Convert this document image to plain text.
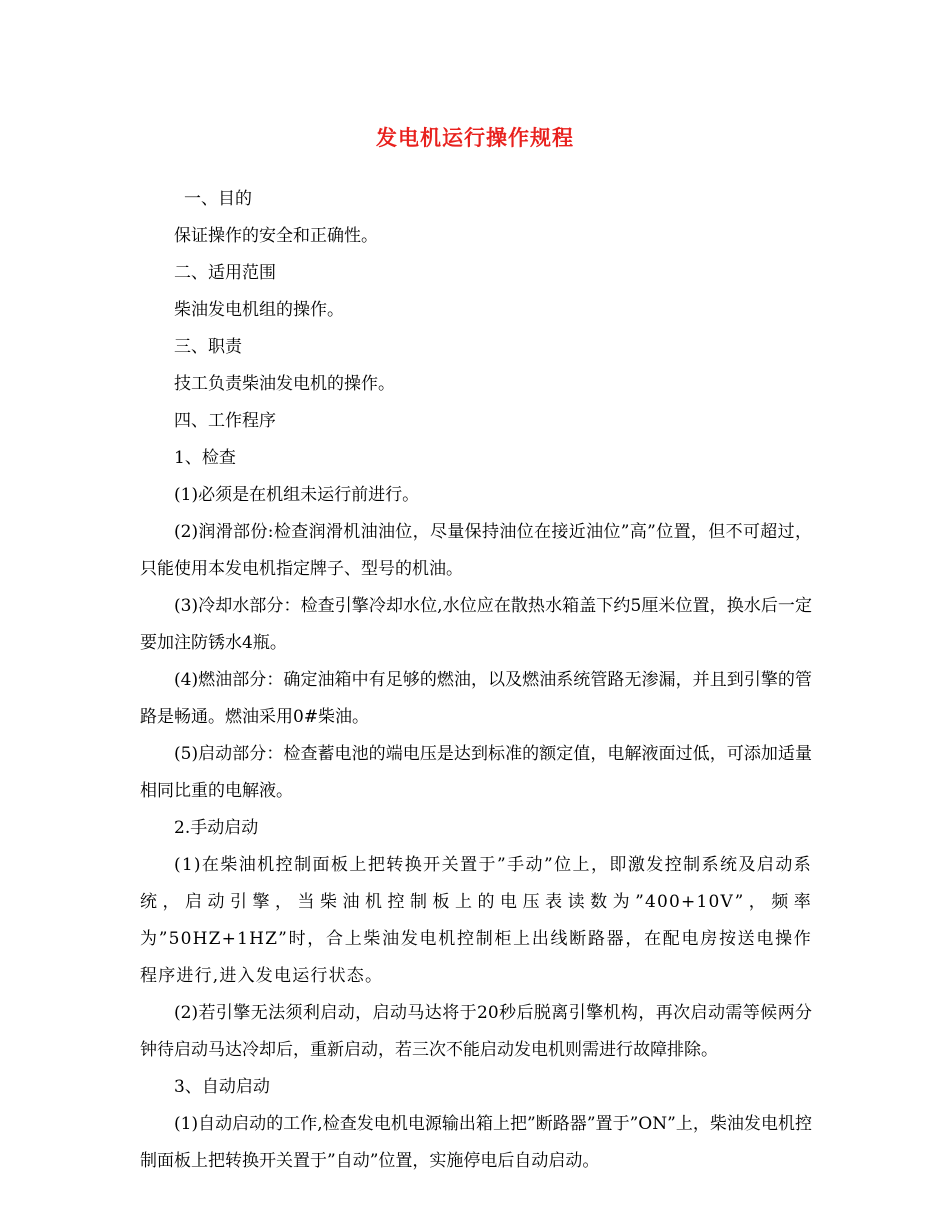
发电机运行操作规程

一、目的

保证操作的安全和正确性。

二、适用范围

柴油发电机组的操作。

三、职责

技工负责柴油发电机的操作。

四、工作程序

1、检查

(1)必须是在机组未运行前进行。

(2)润滑部份:检查润滑机油油位，尽量保持油位在接近油位”高”位置，但不可超过，只能使用本发电机指定牌子、型号的机油。

(3)冷却水部分：检查引擎冷却水位,水位应在散热水箱盖下约5厘米位置，换水后一定要加注防锈水4瓶。

(4)燃油部分：确定油箱中有足够的燃油，以及燃油系统管路无渗漏，并且到引擎的管路是畅通。燃油采用0#柴油。

(5)启动部分：检查蓄电池的端电压是达到标准的额定值，电解液面过低，可添加适量相同比重的电解液。

2.手动启动

(1)在柴油机控制面板上把转换开关置于”手动”位上，即激发控制系统及启动系统，启动引擎，当柴油机控制板上的电压表读数为”400+10V”，频率为”50HZ+1HZ”时，合上柴油发电机控制柜上出线断路器，在配电房按送电操作程序进行,进入发电运行状态。

(2)若引擎无法须利启动，启动马达将于20秒后脱离引擎机构，再次启动需等候两分钟待启动马达冷却后，重新启动，若三次不能启动发电机则需进行故障排除。

3、自动启动

(1)自动启动的工作,检查发电机电源输出箱上把”断路器”置于”ON”上，柴油发电机控制面板上把转换开关置于”自动”位置，实施停电后自动启动。
